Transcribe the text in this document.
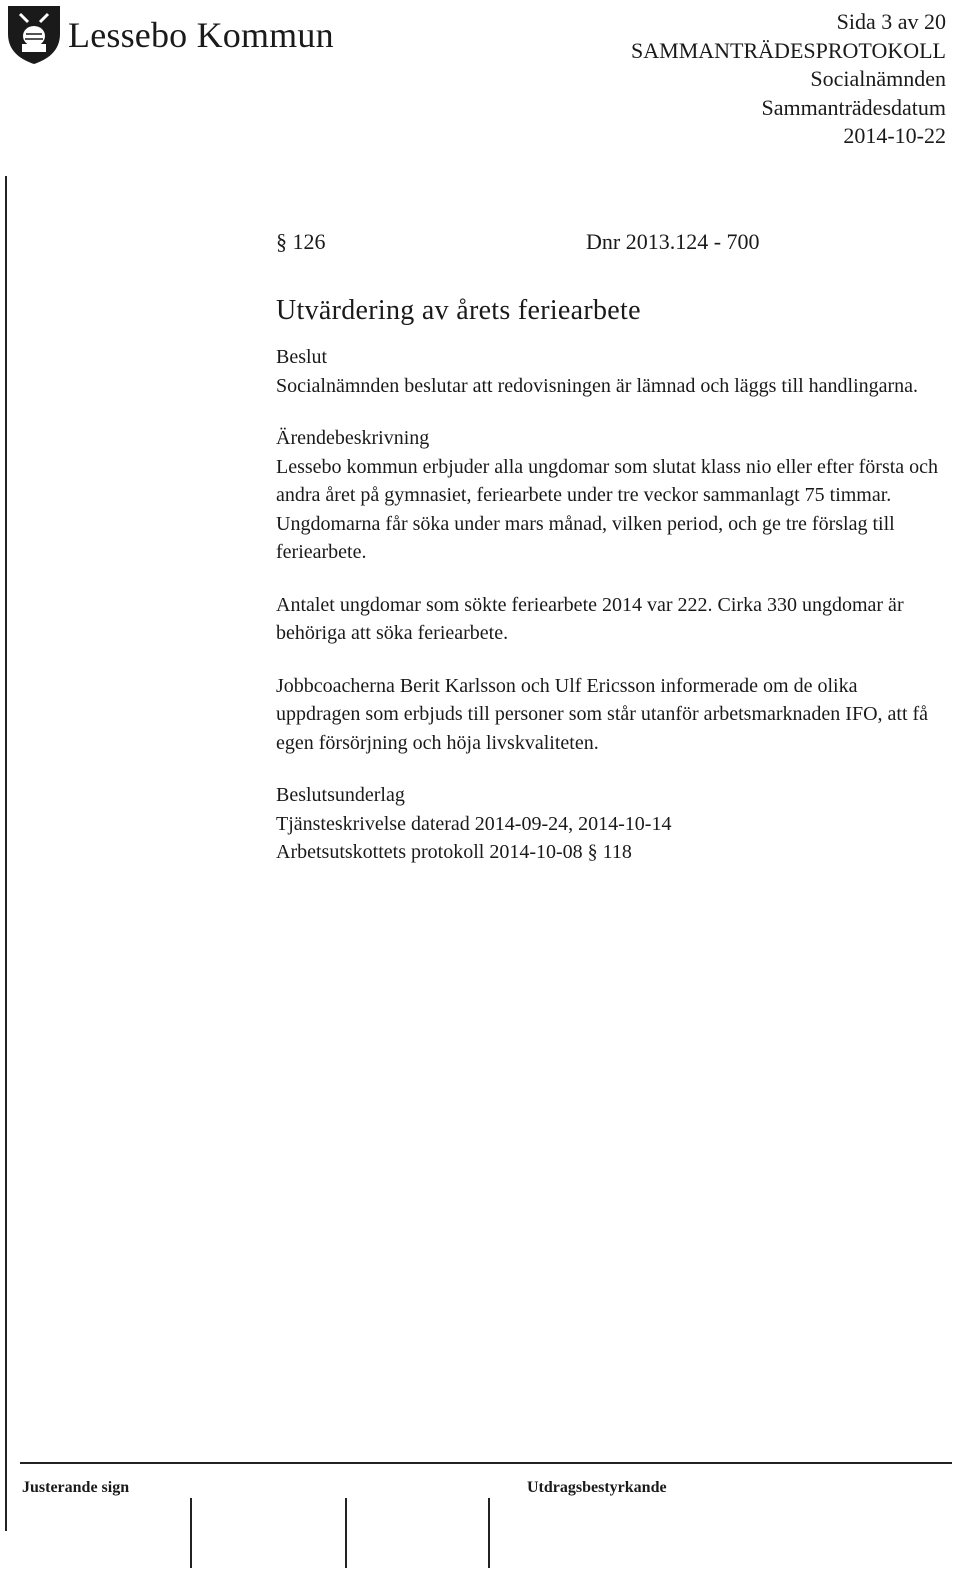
Lessebo Kommun	Sida 3 av 20
SAMMANTRÄDESPROTOKOLL
Socialnämnden
Sammanträdesdatum
2014-10-22
§ 126	Dnr 2013.124 - 700
Utvärdering av årets feriearbete

Beslut

Socialnämnden beslutar att redovisningen är lämnad och läggs till handlingarna.

Ärendebeskrivning

Lessebo kommun erbjuder alla ungdomar som slutat klass nio eller efter första och andra året på gymnasiet, feriearbete under tre veckor sammanlagt 75 timmar.

Ungdomarna får söka under mars månad, vilken period, och ge tre förslag till feriearbete.

Antalet ungdomar som sökte feriearbete 2014 var 222. Cirka 330 ungdomar är behöriga att söka feriearbete.

Jobbcoacherna Berit Karlsson och Ulf Ericsson informerade om de olika uppdragen som erbjuds till personer som står utanför arbetsmarknaden IFO, att få egen försörjning och höja livskvaliteten.

Beslutsunderlag

Tjänsteskrivelse daterad 2014-09-24, 2014-10-14

Arbetsutskottets protokoll 2014-10-08 § 118

Justerande sign	Utdragsbestyrkande
